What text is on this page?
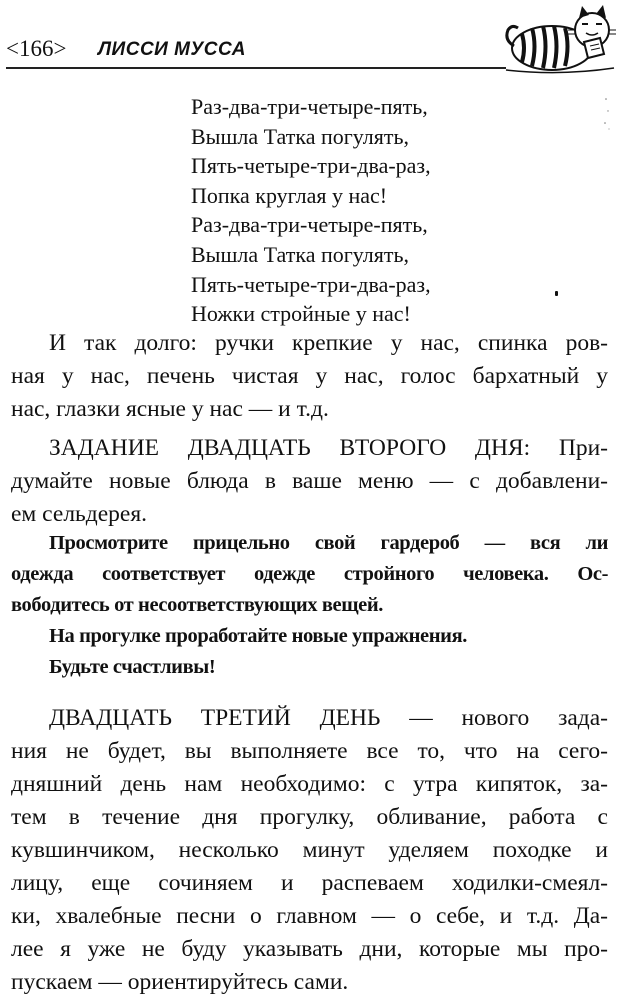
<166> ЛИССИ МУССА
Раз-два-три-четыре-пять,
Вышла Татка погулять,
Пять-четыре-три-два-раз,
Попка круглая у нас!
Раз-два-три-четыре-пять,
Вышла Татка погулять,
Пять-четыре-три-два-раз,
Ножки стройные у нас!

И так долго: ручки крепкие у нас, спинка ров-
ная у нас, печень чистая у нас, голос бархатный у
нас, глазки ясные у нас — и т.д.

ЗАДАНИЕ ДВАДЦАТЬ ВТОРОГО ДНЯ: При-
думайте новые блюда в ваше меню — с добавлени-
ем сельдерея.

Просмотрите прицельно свой гардероб — вся ли
одежда соответствует одежде стройного человека. Ос-
вободитесь от несоответствующих вещей.
На прогулке проработайте новые упражнения.
Будьте счастливы!

ДВАДЦАТЬ ТРЕТИЙ ДЕНЬ — нового зада-
ния не будет, вы выполняете все то, что на сего-
дняшний день нам необходимо: с утра кипяток, за-
тем в течение дня прогулку, обливание, работа с
кувшинчиком, несколько минут уделяем походке и
лицу, еще сочиняем и распеваем ходилки-смеял-
ки, хвалебные песни о главном — о себе, и т.д. Да-
лее я уже не буду указывать дни, которые мы про-
пускаем — ориентируйтесь сами.
